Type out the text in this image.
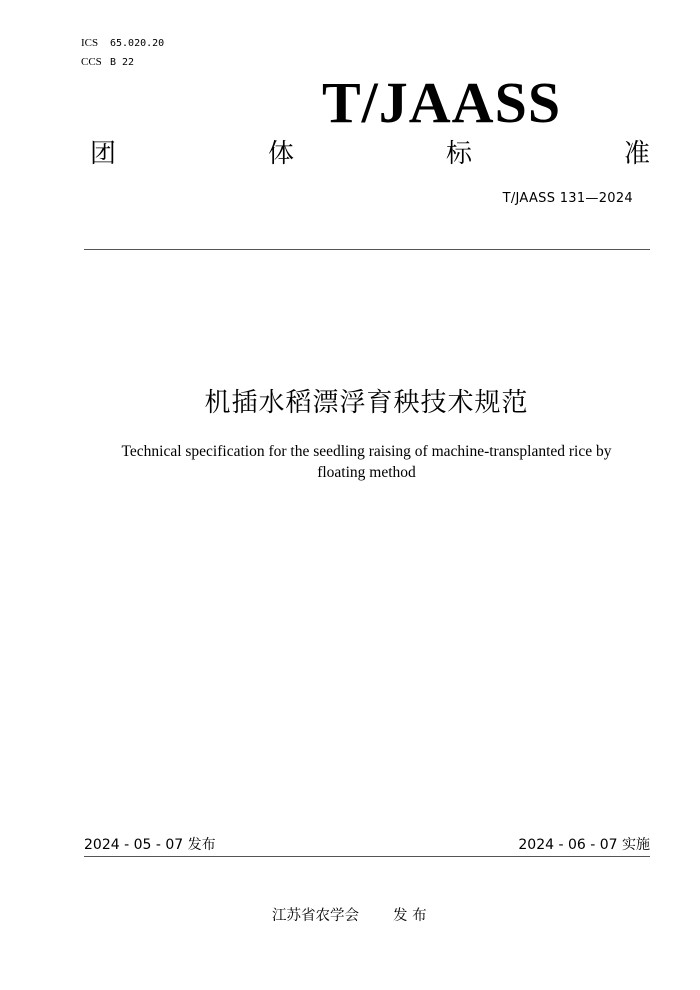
ICS 65.020.20
CCS B 22
T/JAASS
团	体	标	准
T/JAASS 131—2024
机插水稻漂浮育秧技术规范
Technical specification for the seedling raising of machine-transplanted rice by floating method
2024 - 05 - 07 发布	2024 - 06 - 07 实施
江苏省农学会 发 布
